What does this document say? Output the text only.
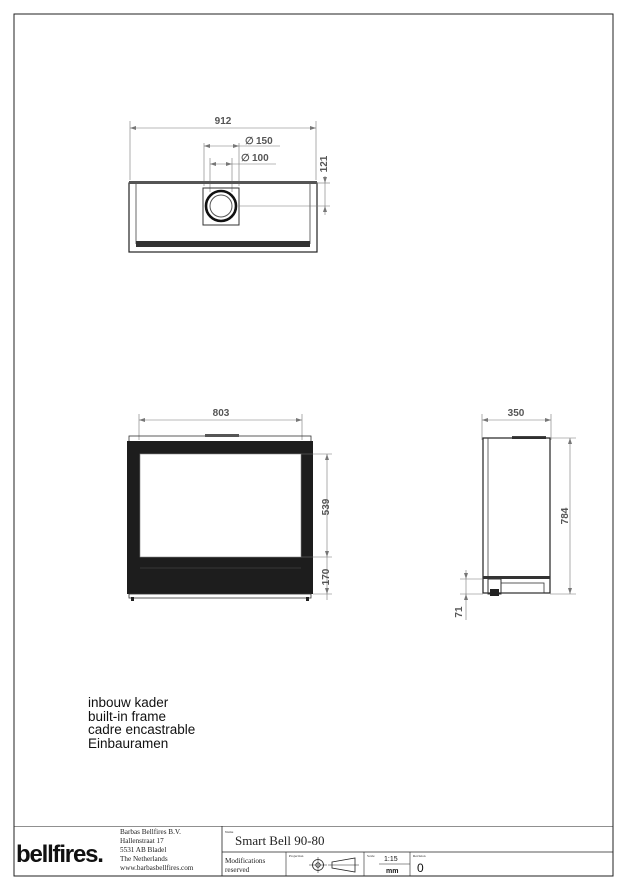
912
∅ 150
∅ 100	121
803
539
170
350
784
71
inbouw kader
built-in frame
cadre encastrable
Einbauramen
bellfires.
Barbas Bellfires B.V.
Hallenstraat 17
5531 AB Bladel
The Netherlands
www.barbasbellfires.com
Name
Smart Bell 90-80
Modifications
reserved
Projection	Scale 1:15
mm
Revision
0
